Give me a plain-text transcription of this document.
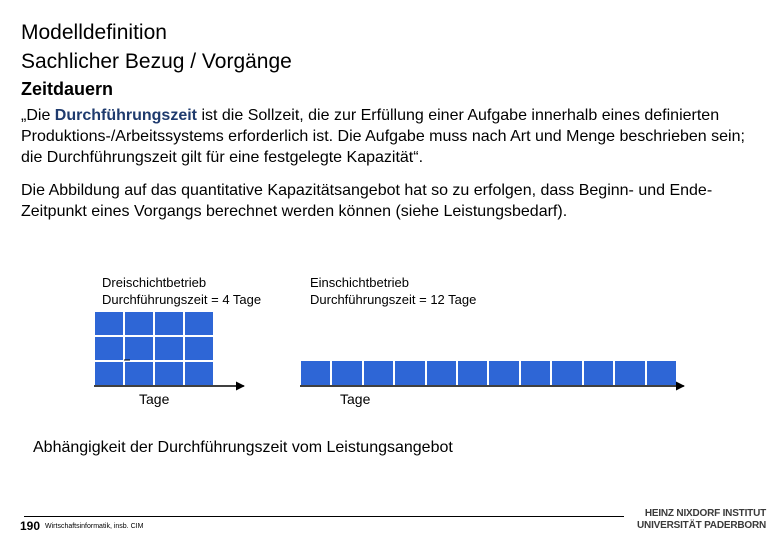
Modelldefinition
Sachlicher Bezug / Vorgänge
Zeitdauern
„Die Durchführungszeit ist die Sollzeit, die zur Erfüllung einer Aufgabe innerhalb eines definierten Produktions-/Arbeitssystems erforderlich ist. Die Aufgabe muss nach Art und Menge beschrieben sein; die Durchführungszeit gilt für eine festgelegte Kapazität“.
Die Abbildung auf das quantitative Kapazitätsangebot hat so zu erfolgen, dass Beginn- und Ende-Zeitpunkt eines Vorgangs berechnet werden können (siehe Leistungsbedarf).
Dreischichtbetrieb
Durchführungszeit = 4 Tage
Einschichtbetrieb
Durchführungszeit = 12 Tage
Tage	Tage
Abhängigkeit der Durchführungszeit vom Leistungsangebot
190 Wirtschaftsinformatik, insb. CIM
HEINZ NIXDORF INSTITUT
UNIVERSITÄT PADERBORN
